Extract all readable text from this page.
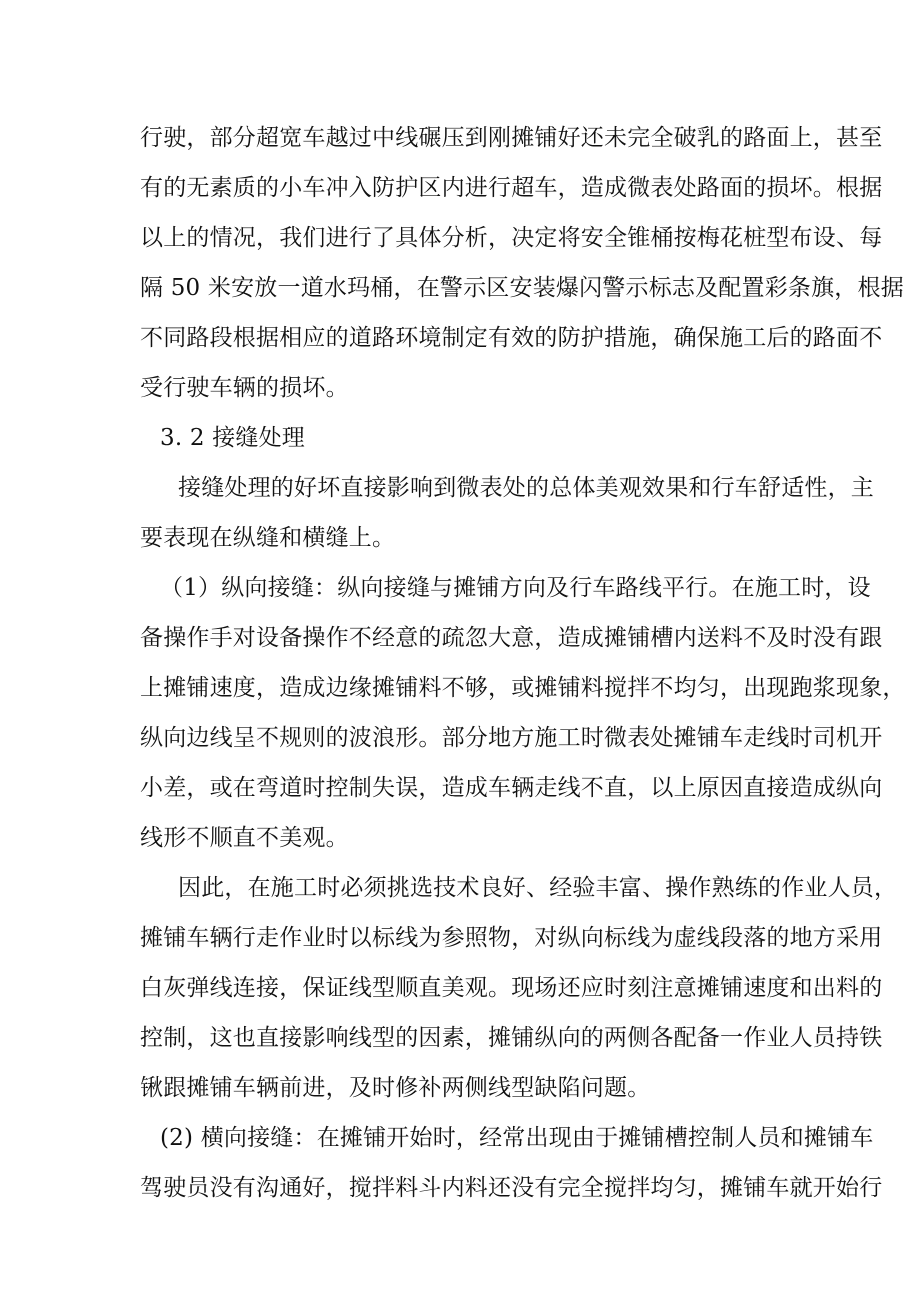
行驶，部分超宽车越过中线碾压到刚摊铺好还未完全破乳的路面上，甚至
有的无素质的小车冲入防护区内进行超车，造成微表处路面的损坏。根据
以上的情况，我们进行了具体分析，决定将安全锥桶按梅花桩型布设、每
隔 50 米安放一道水玛桶，在警示区安装爆闪警示标志及配置彩条旗，根据
不同路段根据相应的道路环境制定有效的防护措施，确保施工后的路面不
受行驶车辆的损坏。
3. 2 接缝处理
接缝处理的好坏直接影响到微表处的总体美观效果和行车舒适性，主
要表现在纵缝和横缝上。
（1）纵向接缝：纵向接缝与摊铺方向及行车路线平行。在施工时，设
备操作手对设备操作不经意的疏忽大意，造成摊铺槽内送料不及时没有跟
上摊铺速度，造成边缘摊铺料不够，或摊铺料搅拌不均匀，出现跑浆现象，
纵向边线呈不规则的波浪形。部分地方施工时微表处摊铺车走线时司机开
小差，或在弯道时控制失误，造成车辆走线不直，以上原因直接造成纵向
线形不顺直不美观。
因此，在施工时必须挑选技术良好、经验丰富、操作熟练的作业人员，
摊铺车辆行走作业时以标线为参照物，对纵向标线为虚线段落的地方采用
白灰弹线连接，保证线型顺直美观。现场还应时刻注意摊铺速度和出料的
控制，这也直接影响线型的因素，摊铺纵向的两侧各配备一作业人员持铁
锹跟摊铺车辆前进，及时修补两侧线型缺陷问题。
(2) 横向接缝：在摊铺开始时，经常出现由于摊铺槽控制人员和摊铺车
驾驶员没有沟通好，搅拌料斗内料还没有完全搅拌均匀，摊铺车就开始行
